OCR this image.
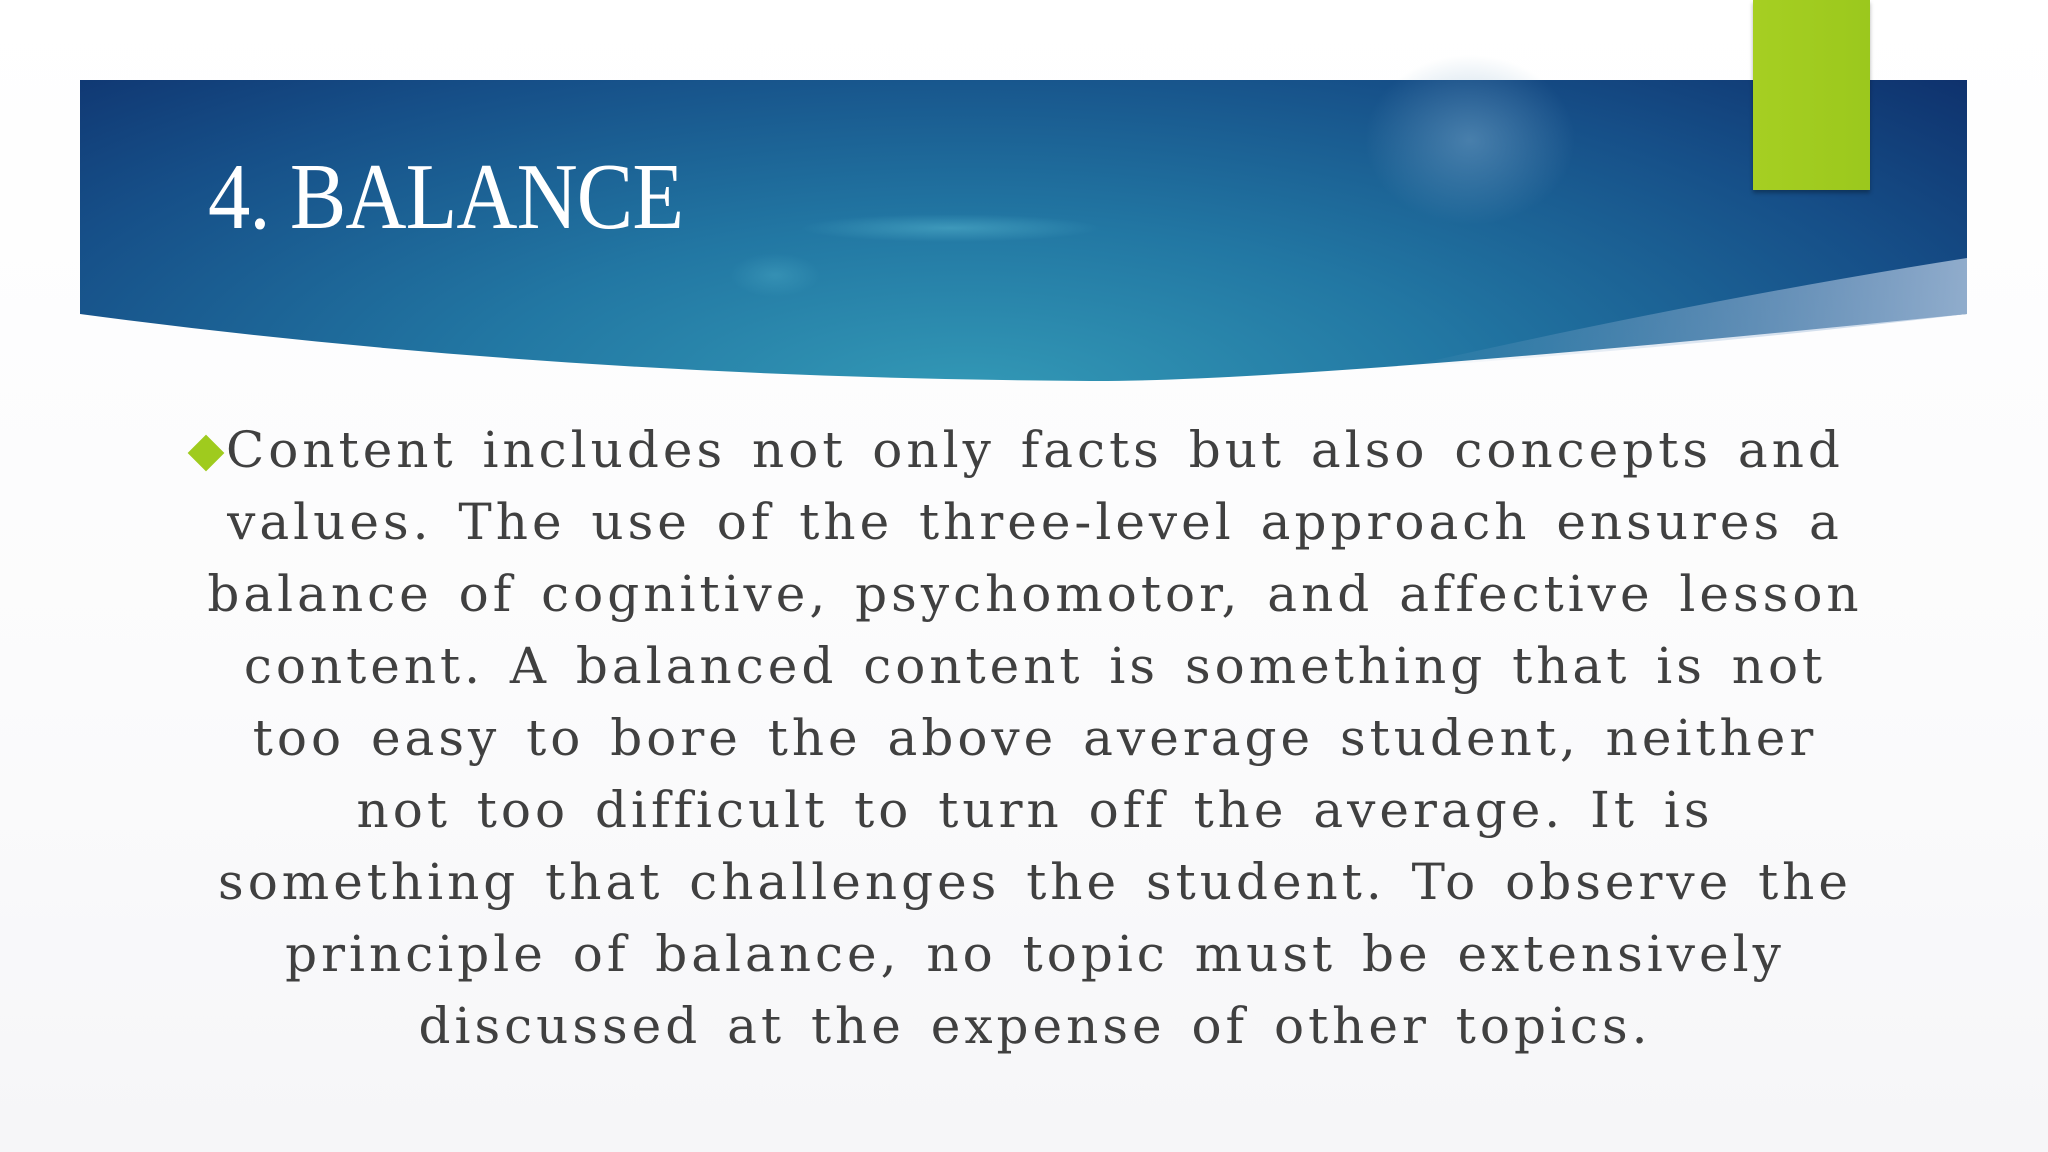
4. BALANCE

Content includes not only facts but also concepts and values. The use of the three-level approach ensures a balance of cognitive, psychomotor, and affective lesson content. A balanced content is something that is not too easy to bore the above average student, neither not too difficult to turn off the average. It is something that challenges the student. To observe the principle of balance, no topic must be extensively discussed at the expense of other topics.
